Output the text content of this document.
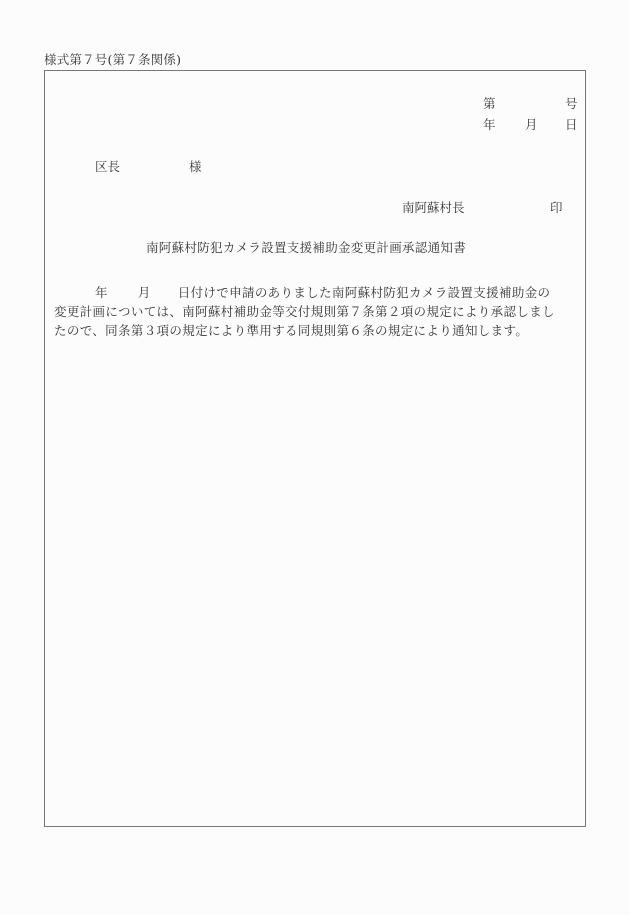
様式第７号(第７条関係)
第	号
年 月 日
区長	様
南阿蘇村長	印
南阿蘇村防犯カメラ設置支援補助金変更計画承認通知書
年 月 日付けで申請のありました南阿蘇村防犯カメラ設置支援補助金の
変更計画については、南阿蘇村補助金等交付規則第７条第２項の規定により承認しまし
たので、同条第３項の規定により準用する同規則第６条の規定により通知します。
